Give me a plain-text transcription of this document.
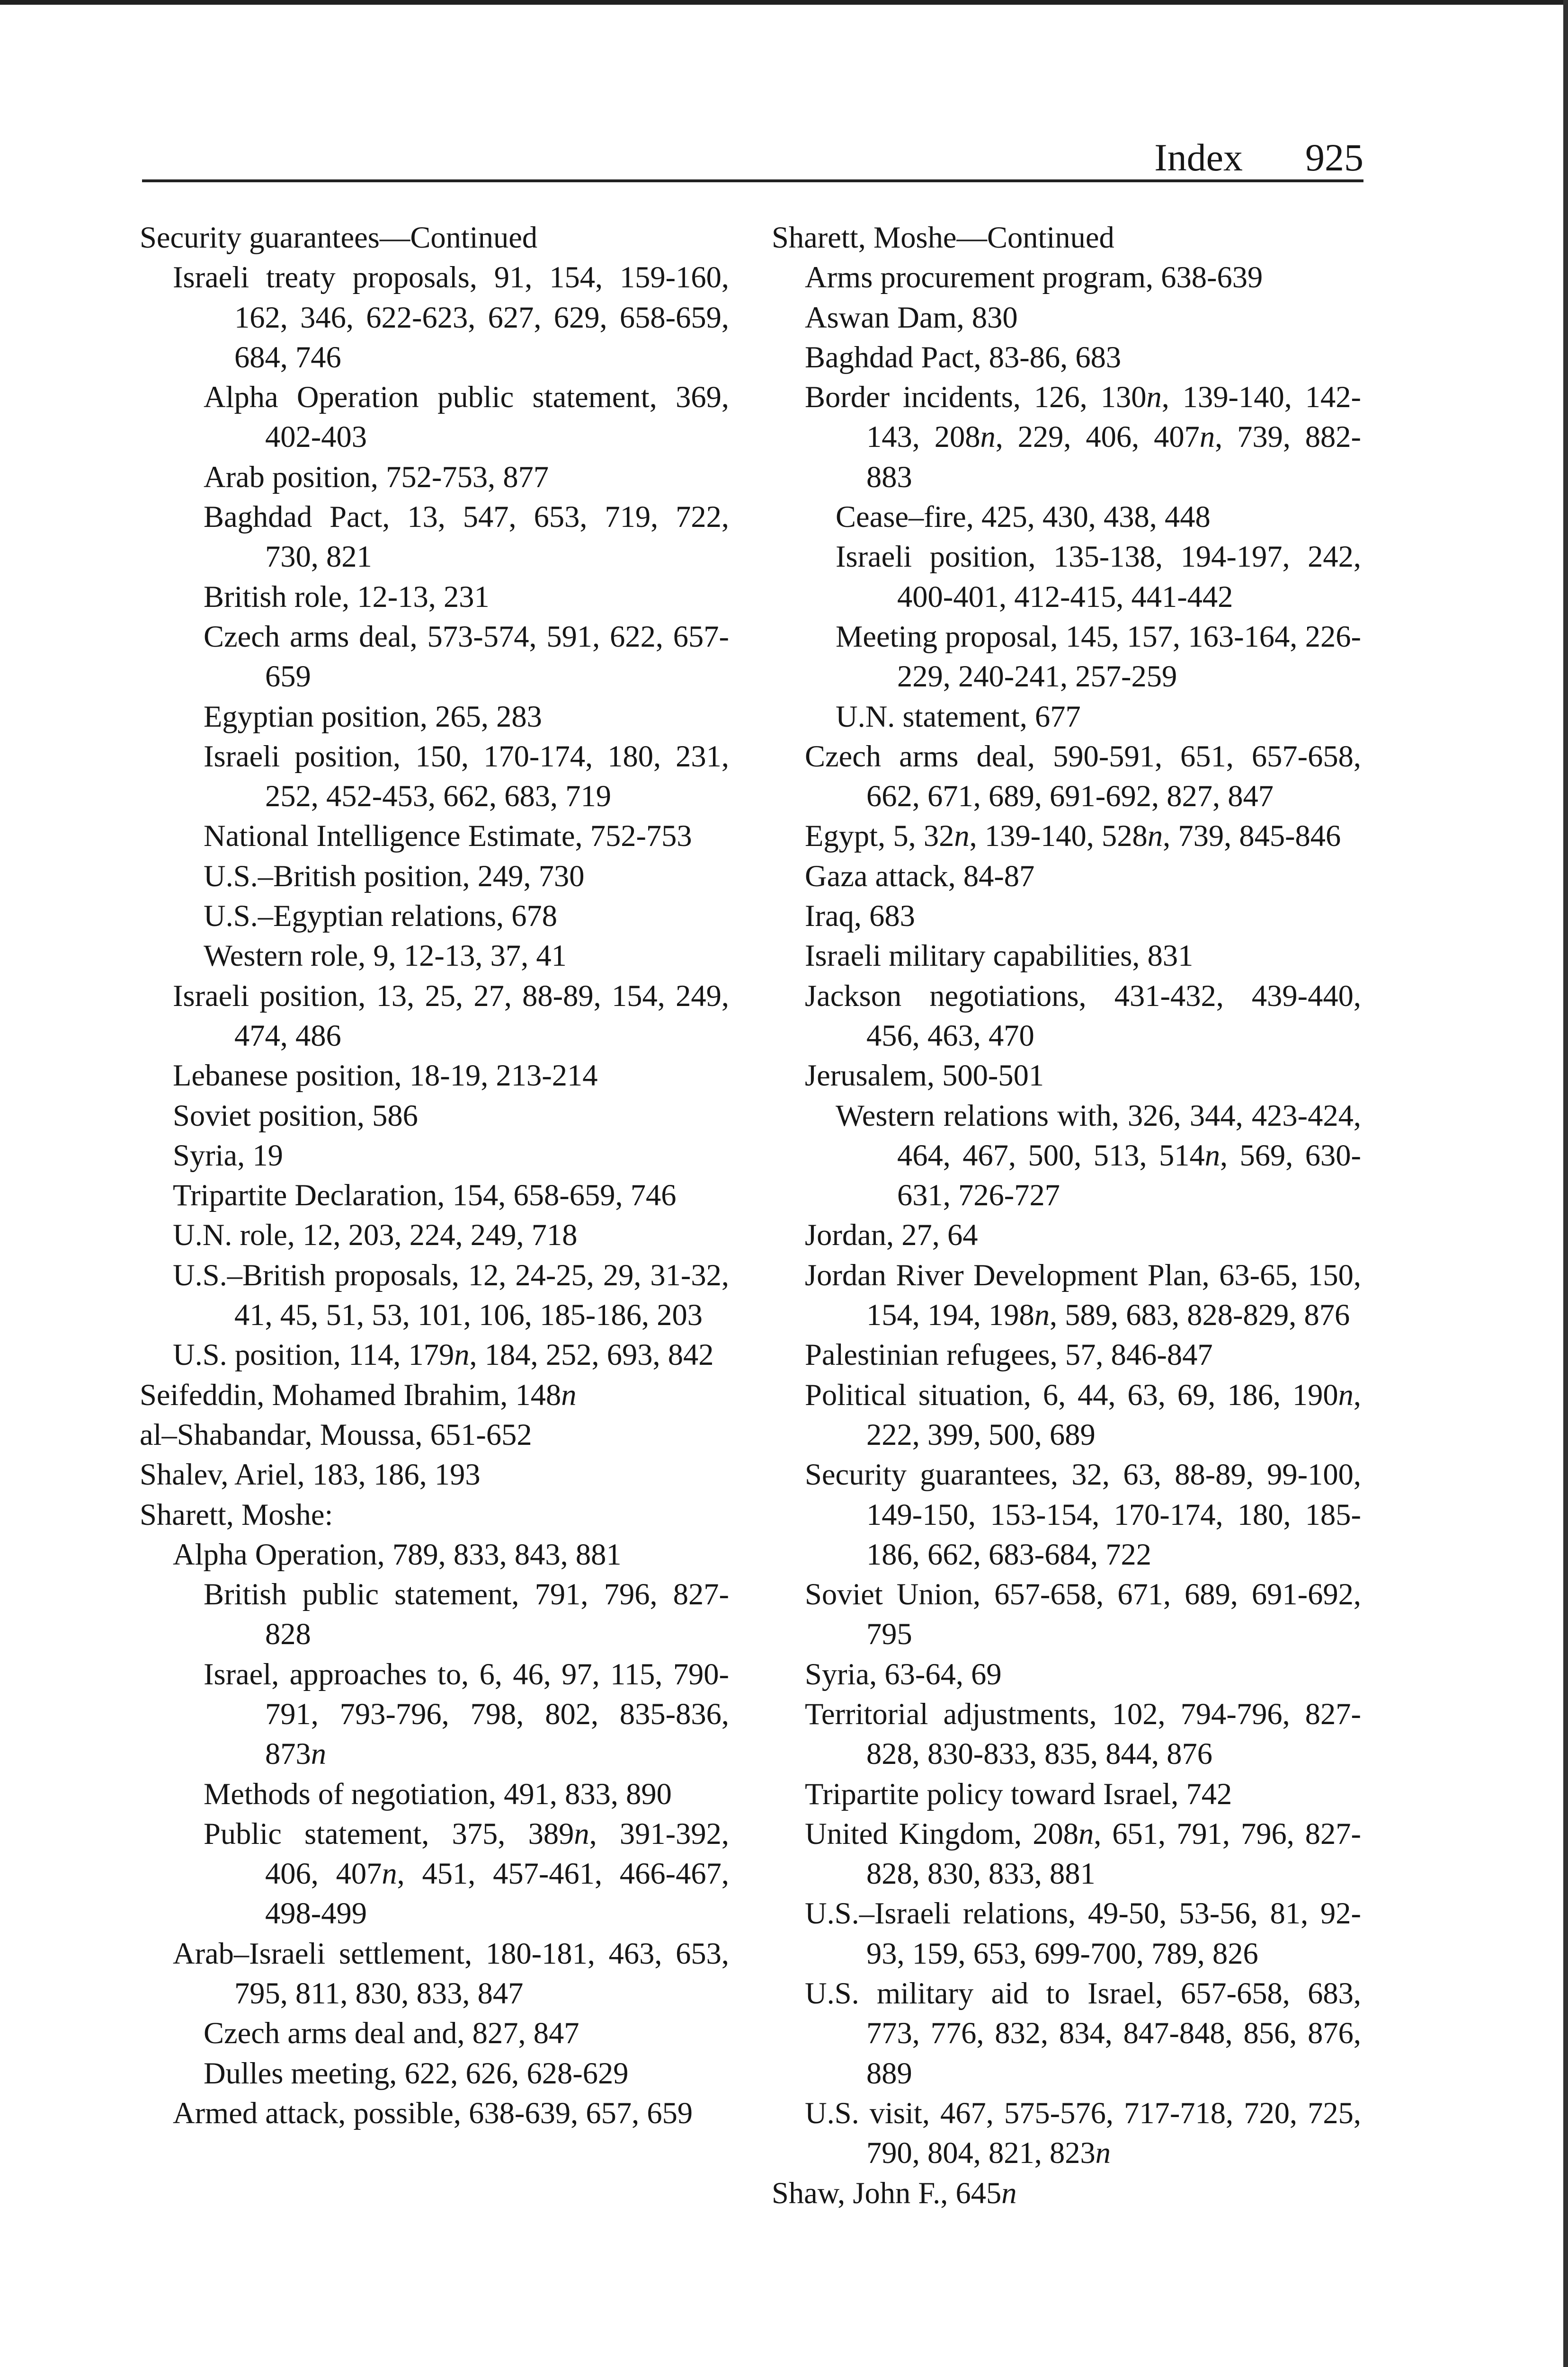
Index 925
Security guarantees—Continued
Israeli treaty proposals, 91, 154, 159-160, 162, 346, 622-623, 627, 629, 658-659, 684, 746
Alpha Operation public statement, 369, 402-403
Arab position, 752-753, 877
Baghdad Pact, 13, 547, 653, 719, 722, 730, 821
British role, 12-13, 231
Czech arms deal, 573-574, 591, 622, 657-659
Egyptian position, 265, 283
Israeli position, 150, 170-174, 180, 231, 252, 452-453, 662, 683, 719
National Intelligence Estimate, 752-753
U.S.–British position, 249, 730
U.S.–Egyptian relations, 678
Western role, 9, 12-13, 37, 41
Israeli position, 13, 25, 27, 88-89, 154, 249, 474, 486
Lebanese position, 18-19, 213-214
Soviet position, 586
Syria, 19
Tripartite Declaration, 154, 658-659, 746
U.N. role, 12, 203, 224, 249, 718
U.S.–British proposals, 12, 24-25, 29, 31-32, 41, 45, 51, 53, 101, 106, 185-186, 203
U.S. position, 114, 179n, 184, 252, 693, 842
Seifeddin, Mohamed Ibrahim, 148n
al–Shabandar, Moussa, 651-652
Shalev, Ariel, 183, 186, 193
Sharett, Moshe:
Alpha Operation, 789, 833, 843, 881
British public statement, 791, 796, 827-828
Israel, approaches to, 6, 46, 97, 115, 790-791, 793-796, 798, 802, 835-836, 873n
Methods of negotiation, 491, 833, 890
Public statement, 375, 389n, 391-392, 406, 407n, 451, 457-461, 466-467, 498-499
Arab–Israeli settlement, 180-181, 463, 653, 795, 811, 830, 833, 847
Czech arms deal and, 827, 847
Dulles meeting, 622, 626, 628-629
Armed attack, possible, 638-639, 657, 659
Sharett, Moshe—Continued
Arms procurement program, 638-639
Aswan Dam, 830
Baghdad Pact, 83-86, 683
Border incidents, 126, 130n, 139-140, 142-143, 208n, 229, 406, 407n, 739, 882-883
Cease–fire, 425, 430, 438, 448
Israeli position, 135-138, 194-197, 242, 400-401, 412-415, 441-442
Meeting proposal, 145, 157, 163-164, 226-229, 240-241, 257-259
U.N. statement, 677
Czech arms deal, 590-591, 651, 657-658, 662, 671, 689, 691-692, 827, 847
Egypt, 5, 32n, 139-140, 528n, 739, 845-846
Gaza attack, 84-87
Iraq, 683
Israeli military capabilities, 831
Jackson negotiations, 431-432, 439-440, 456, 463, 470
Jerusalem, 500-501
Western relations with, 326, 344, 423-424, 464, 467, 500, 513, 514n, 569, 630-631, 726-727
Jordan, 27, 64
Jordan River Development Plan, 63-65, 150, 154, 194, 198n, 589, 683, 828-829, 876
Palestinian refugees, 57, 846-847
Political situation, 6, 44, 63, 69, 186, 190n, 222, 399, 500, 689
Security guarantees, 32, 63, 88-89, 99-100, 149-150, 153-154, 170-174, 180, 185-186, 662, 683-684, 722
Soviet Union, 657-658, 671, 689, 691-692, 795
Syria, 63-64, 69
Territorial adjustments, 102, 794-796, 827-828, 830-833, 835, 844, 876
Tripartite policy toward Israel, 742
United Kingdom, 208n, 651, 791, 796, 827-828, 830, 833, 881
U.S.–Israeli relations, 49-50, 53-56, 81, 92-93, 159, 653, 699-700, 789, 826
U.S. military aid to Israel, 657-658, 683, 773, 776, 832, 834, 847-848, 856, 876, 889
U.S. visit, 467, 575-576, 717-718, 720, 725, 790, 804, 821, 823n
Shaw, John F., 645n
